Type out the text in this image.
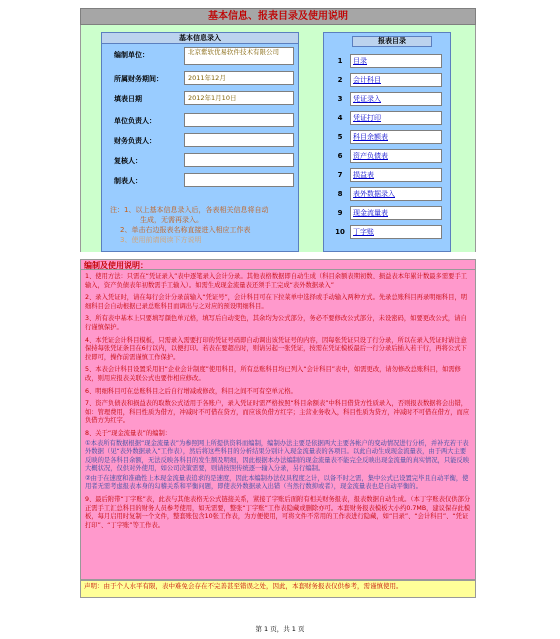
基本信息、报表目录及使用说明
基本信息录入
编制单位：	北京紫软优易软件技术有限公司
所属财务期间：	2011年12月
填表日期	2012年1月10日
单位负责人：
财务负责人：
复核人：
制表人：
注：1、以上基本信息录入后，各表相关信息将自动
生成，无需再录入。
2、单击右边报表名称直接进入相应工作表
3、使用前请阅读下方说明
报表目录
1	目录
2	会计科目
3	凭证录入
4	凭证打印
5	科目余额表
6	资产负债表
7	损益表
8	表外数据录入
9	现金流量表
10	丁字账
编制及使用说明：
1、使用方法：只需在“凭证录入”表中逐笔录入会计分录。其他表格数据即自动生成（科目余额表期初数、损益表本年累计数最多需要手工输入，资产负债表年初数需手工输入）。如需生成现金流量表还须手工完成“表外数据录入”
2、录入凭证时，请在每行会计分录前输入“凭证号”，会计科目可在下拉菜单中选择或手动输入两种方式。先录总账科目再录明细科目，明细科目会自动根据已录总账科目而调出与之对应的预设明细科目。
3、所有表中基本上只要填写颜色单元格，填写后自动变色，其余均为公式部分，务必不要修改公式部分，未设密码，如要更改公式，请自行谨慎保护。
4、本凭证会计科目模板，只需录入需要打印的凭证号码即自动调出该凭证号的内容，因每张凭证只设了行分录，所以在录入凭证时请注意保持每张凭证条目在6行以内，以便打印。若表在要超出时，则请另起一张凭证，按需在凭证模板最后一行分录后插入若干行，再将公式下拉即可，操作前需谨慎工作保护。
5、本表会计科目设置采用旧“企业会计制度”使用科目，所有总账科目均已列入“会计科目”表中，如需更改，请勿修改总账科目，如需修改，则用应报表关联公式也要作相应修改。
6、明细科目可在总账科目之后自行增减或修改，科目之间不可有空单元格。
7、资产负债表和损益表的取数公式适用于各账户，录入凭证时需严格按照“科目余额表”中科目借贷方性质录入，否则报表数据将会出错，如：管理费用，科目性质为借方，冲减时不可借在贷方，而应该负借方红字；主营业务收入，科目性质为贷方，冲减时不可借在借方，而应负借方为红字。
8、关于“现金流量表”的编制：
①本表所有数据根据“现金流量表”为参照网上所提供资料而编制，编制办法主要是依据两大主要各帐户的变动情况进行分析，并补充若干表外数据（见“表外数据录入”工作表），然后将这些科目的分析结果分别计入现金流量表的各项目。以此自动生成现金流量表，由于两大主要反映的是各科目余额，无法反映各科目的发生额及明细，因此根据本办法编制的现金流量表不能完全反映出现金流量的真实情况，只能反映大概状况，仅供对外使用，如公司决策需要，则请按照传统逐一输入分录，另行编制。
②由于在速度和准确性上本现金流量表追求的是速度，因此本编制办法仅具程度之计，以备不时之需，集中公式已设置完毕且自动平衡，使用者无需考虑报表本身的勾稽关系和平衡问题，即使表外数据录入出错（当然行数抑或者），现金流量表也是自动平衡的。
9、最后附带“丁字账”表，此表与其他表格无公式链接关系，紧接了字账后面附有相关财务报表，报表数据自动生成。（本丁字账表仅供部分正需手工汇总科目的财务人员参考使用，如无需要，整张“丁字账”工作表隐藏或删除亦可。本套财务报表模板大小约0.7MB，建议保存此模板，每月启用时复制一个文件，整套账包含10张工作表，为方便使用，可将文件不常用的工作表进行隐藏，如“目录”、“会计科目”、“凭证打印”、“丁字账”等工作表。
声明：由于个人水平有限，表中难免会存在不完善甚至错误之处，因此，本套财务报表仅供参考，需谨慎使用。
第 1 页，共 1 页
